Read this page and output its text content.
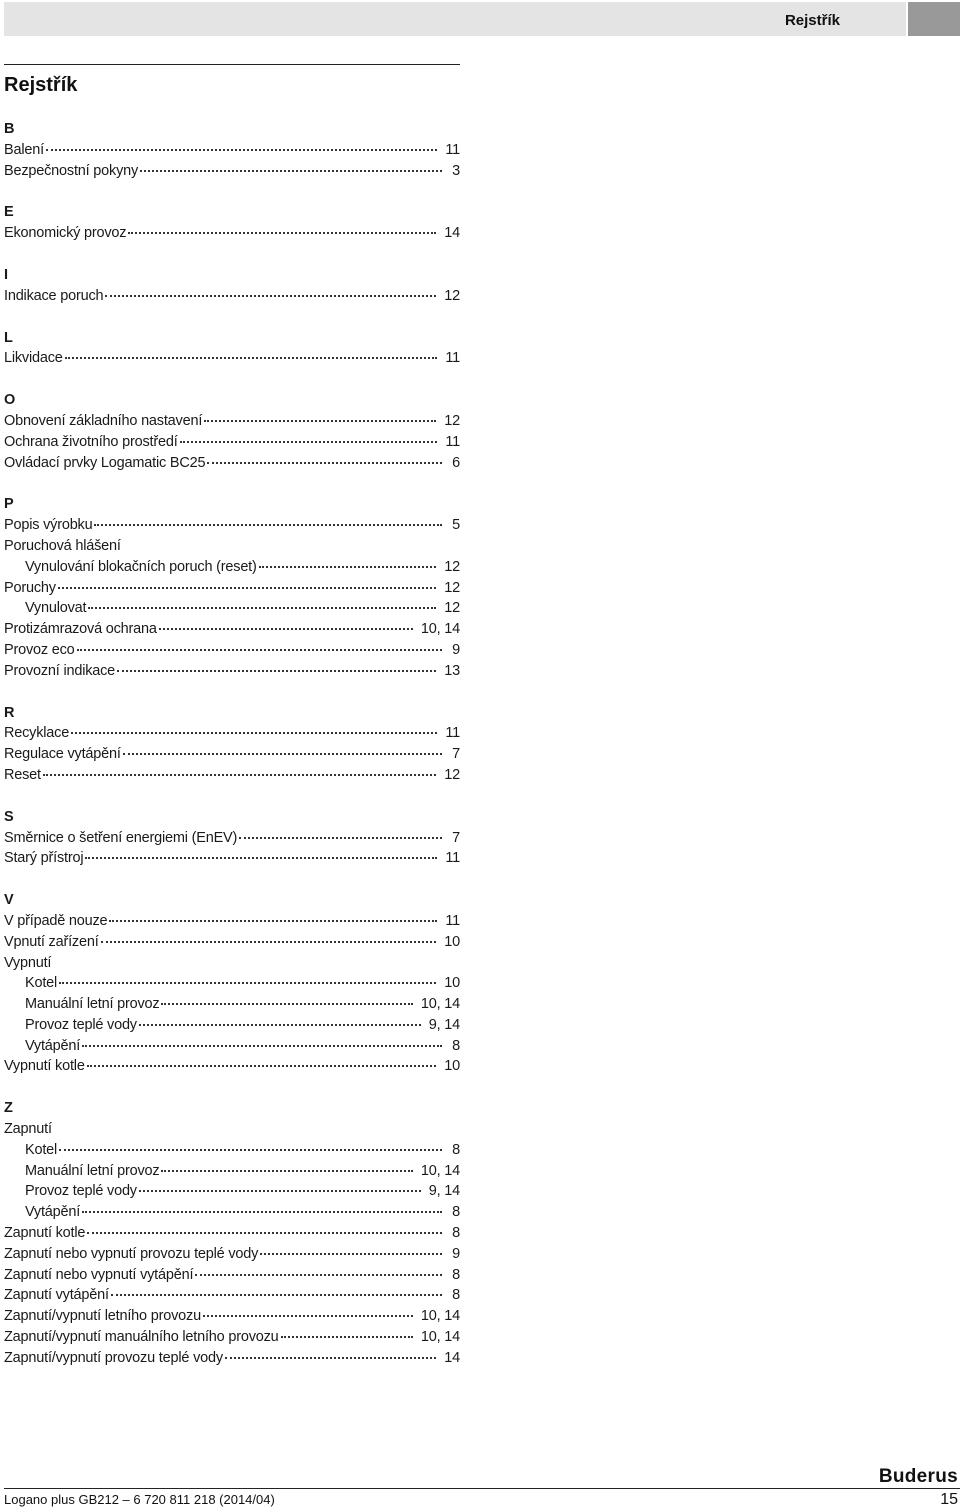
Rejstřík
Rejstřík
B
Balení	11
Bezpečnostní pokyny	3
E
Ekonomický provoz	14
I
Indikace poruch	12
L
Likvidace	11
O
Obnovení základního nastavení	12
Ochrana životního prostředí	11
Ovládací prvky Logamatic BC25	6
P
Popis výrobku	5
Poruchová hlášení
Vynulování blokačních poruch (reset)	12
Poruchy	12
Vynulovat	12
Protizámrazová ochrana	10, 14
Provoz eco	9
Provozní indikace	13
R
Recyklace	11
Regulace vytápění	7
Reset	12
S
Směrnice o šetření energiemi (EnEV)	7
Starý přístroj	11
V
V případě nouze	11
Vpnutí zařízení	10
Vypnutí
Kotel	10
Manuální letní provoz	10, 14
Provoz teplé vody	9, 14
Vytápění	8
Vypnutí kotle	10
Z
Zapnutí
Kotel	8
Manuální letní provoz	10, 14
Provoz teplé vody	9, 14
Vytápění	8
Zapnutí kotle	8
Zapnutí nebo vypnutí provozu teplé vody	9
Zapnutí nebo vypnutí vytápění	8
Zapnutí vytápění	8
Zapnutí/vypnutí letního provozu	10, 14
Zapnutí/vypnutí manuálního letního provozu	10, 14
Zapnutí/vypnutí provozu teplé vody	14
Logano plus GB212 – 6 720 811 218 (2014/04)
Buderus
15
